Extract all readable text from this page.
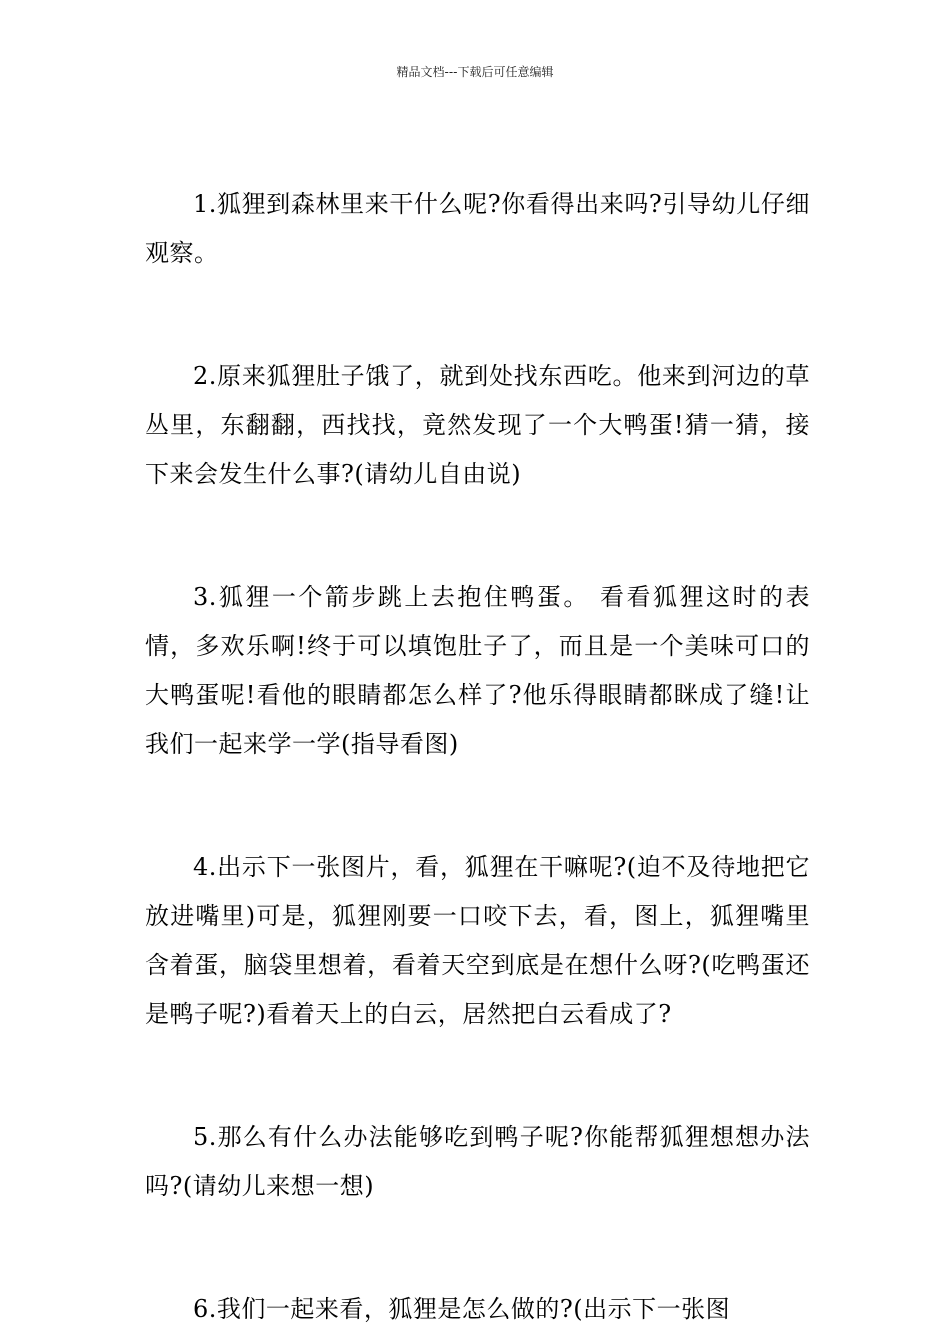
精品文档---下载后可任意编辑

1.狐狸到森林里来干什么呢?你看得出来吗?引导幼儿仔细观察。

2.原来狐狸肚子饿了，就到处找东西吃。他来到河边的草丛里，东翻翻，西找找，竟然发现了一个大鸭蛋!猜一猜，接下来会发生什么事?(请幼儿自由说)

3.狐狸一个箭步跳上去抱住鸭蛋。 看看狐狸这时的表情，多欢乐啊!终于可以填饱肚子了，而且是一个美味可口的大鸭蛋呢!看他的眼睛都怎么样了?他乐得眼睛都眯成了缝!让我们一起来学一学(指导看图)

4.出示下一张图片，看，狐狸在干嘛呢?(迫不及待地把它放进嘴里)可是，狐狸刚要一口咬下去，看，图上，狐狸嘴里含着蛋，脑袋里想着，看着天空到底是在想什么呀?(吃鸭蛋还是鸭子呢?)看着天上的白云，居然把白云看成了?

5.那么有什么办法能够吃到鸭子呢?你能帮狐狸想想办法吗?(请幼儿来想一想)

6.我们一起来看，狐狸是怎么做的?(出示下一张图
